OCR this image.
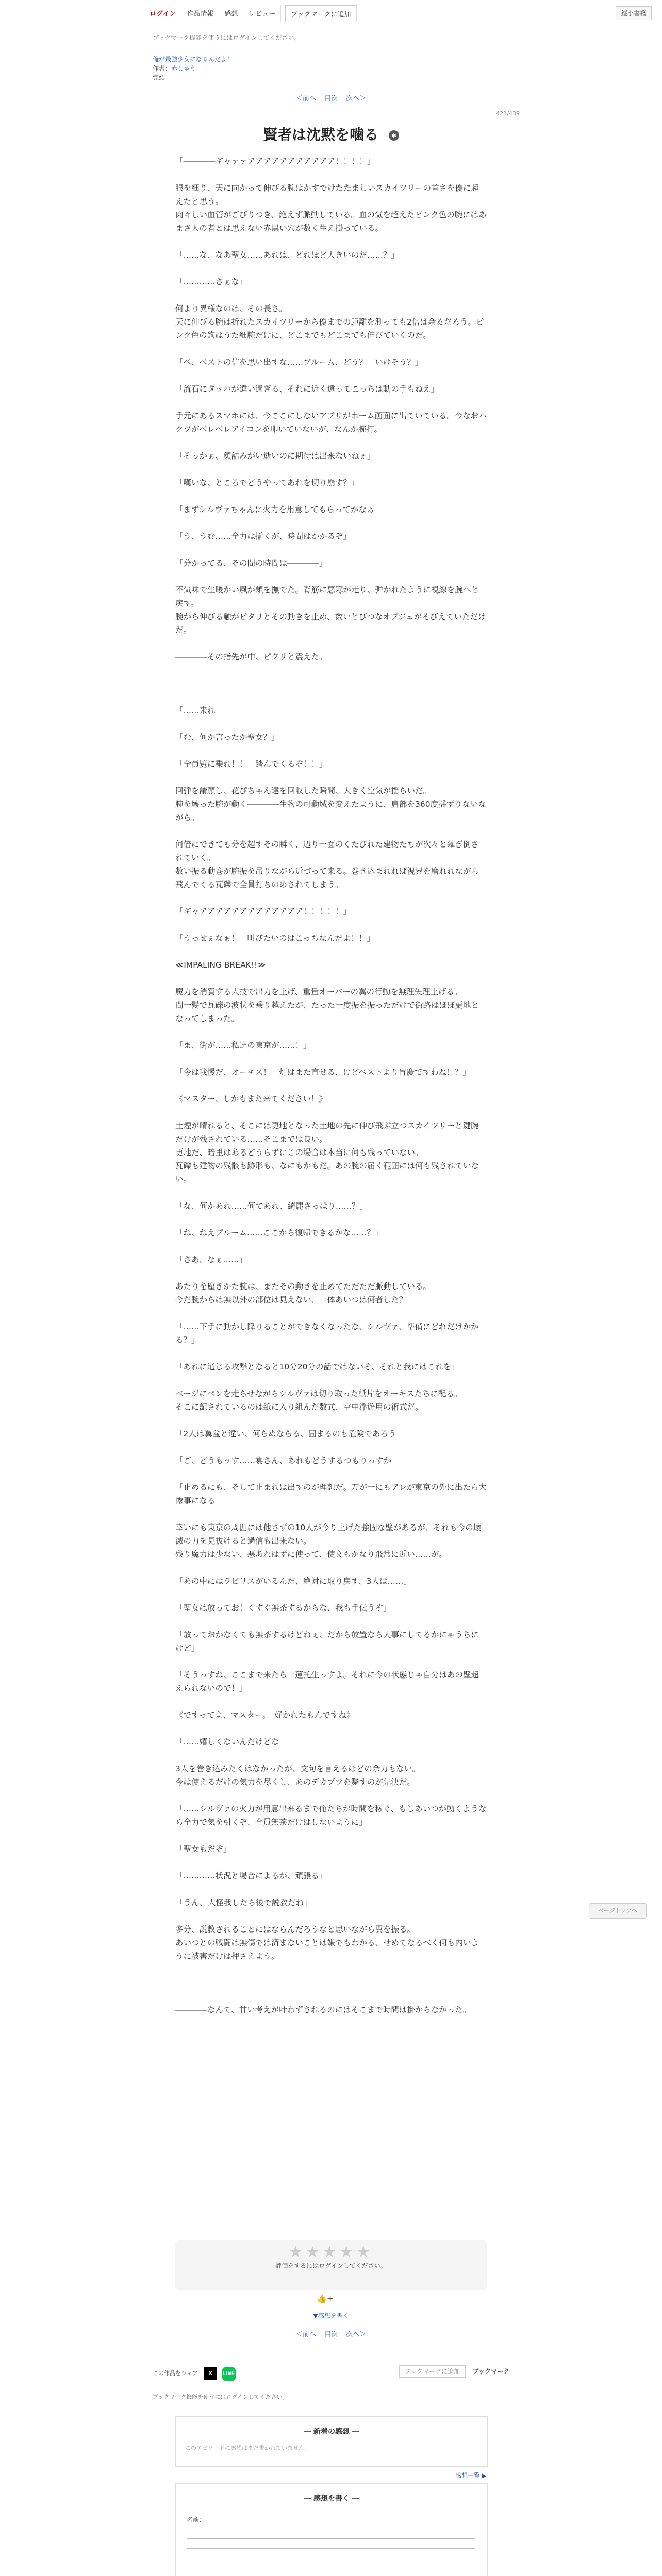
ログイン	作品情報	感想	レビュー	ブックマークに追加	縦小書籍
ブックマーク機能を使うにはログインしてください。
俺が最強少女になるんだよ！
作者：赤しゃう
完結
＜前へ 目次 次へ＞
421/439
賢者は沈黙を噛る ✱

「――――ギャァァアアアアアアアアアアア！！！！」

眼を細り、天に向かって伸びる腕はかすでけたたましいスカイツリーの首さを優に超えたと思う。
肉々しい血管がごびりつき、絶えず脈動している。血の気を超えたピンク色の腕にはあまさ人の者とは思えない赤黒い穴が数く生え掛っている。

「……な、なあ聖女……あれは、どれほど大きいのだ……？」

「…………さぁな」

何より異様なのは、その長さ。
天に伸びる腕は折れたスカイツリーから優までの距離を測っても2倍は余るだろう。ピンク色の鉤はうた細腕だけに、どこまでもどこまでも伸びていくのだ。

「ぺ、ベストの信を思い出すな……ブルーム、どう？　いけそう？」

「流石にタッパが違い過ぎる、それに近く遠ってこっちは動の手もねえ」

手元にあるスマホには、今ここにしないアプリがホーム画面に出ていている。今なおハクツがベレベレアイコンを叩いていないが、なんか腕打。

「そっかぁ、顔詰みがい逝いのに期待は出来ないねぇ」

「嘆いな、ところでどうやってあれを切り崩す？」

「まずシルヴァちゃんに火力を用意してもらってかなぁ」

「う、うむ……全力は揃くが、時間はかかるぞ」

「分かってる、その間の時間は――――」

不気味で生暖かい風が頬を撫でた。背筋に悪寒が走り、弾かれたように視線を腕へと戻す。
腕から伸びる触がピタリとその動きを止め、数いとびつなオブジェがそびえていただけだ。

――――その指先が中、ピクリと震えた。

「……来れ」

「む、何か言ったか聖女？」

「全員覧に乗れ！！　踏んでくるぞ！！」

回弾を請願し、花ぴちゃん達を回収した瞬間、大きく空気が揺らいだ。
腕を壊った腕が動く――――生物の可動域を変えたように、肩部を360度揺ずりないながら。

何倍にできても分を超すその瞬く、辺り一面のくたびれた建物たちが次々と薙ぎ倒されていく。
数い振る動巻が腕振を吊りながら近づって来る。巻き込まれれば視界を磨れれながら飛んでくる瓦礫で全員打ちのめされてしまう。

「ギャアアアアアアアアアアアアア！！！！！」

「うっせぇなぁ！　叫びたいのはこっちなんだよ！！」

≪IMPALING BREAK!!≫

魔力を消費する大技で出力を上げ、重量オーバーの翼の行動を無理矢理上げる。
間一髪で瓦礫の波状を乗り越えたが、たった一度振を振っただけで街路はほぼ更地となってしまった。

「ま、街が……私達の東京が……！」

「今は我慢だ、オーキス！　灯はまた直せる、けどべストより冒慶ですわね！？」

《マスター、しかもまた来てください！》

土煙が晴れると、そこには更地となった土地の先に伸び飛ぶ立つスカイツリーと鍵腕だけが残されている……そこまでは良い。
更地だ、暗里はあるどうらずにこの場合は本当に何も残っていない。
瓦礫も建物の残骸も跡形も、なにもかもだ。あの腕の届く範囲には何も残されていない。

「な、何かあれ……何てあれ、綺麗さっぱり……？」

「ね、ねえブルーム……ここから復帰できるかな……？」

「さあ、なぁ……」

あたりを塵ぎかた腕は、またその動きを止めてただただ脈動している。
今だ腕からは無以外の部位は見えない、一体あいつは何者した？

「……下手に動かし降りることができなくなったな、シルヴァ、準備にどれだけかかる？」

「あれに通じる攻撃となると10分20分の話ではないぞ、それと我にはこれを」

ベージにペンを走らせながらシルヴァは切り取った紙片をオーキスたちに配る。
そこに記されているのは紙に入り組んだ数式、空中浮遊用の術式だ。

「2人は翼盆と違い、何らぬならる、固まるのも危険であろう」

「ご、どうもッす……宴さん、あれもどうするつもりっすか」

「止めるにも、そして止まれは出すのが理想だ。万が一にもアレが東京の外に出たら大惨事になる」

幸いにも東京の周囲には他さずの10人が今り上げた強固な壁があるが、それも今の壊滅の力を見抜けると過信も出来ない。
残り魔力は少ない、悪あれはずに使って、使文もかなり飛常に近い……が。

「あの中にはラピリスがいるんだ、絶対に取り戻す、3人は……」

「聖女は放ってお！くすぐ無茶するからな、我も手伝うぞ」

「放っておかなくても無茶するけどねぇ、だから放置なら大事にしてるかにゃうちにけど」

「そうっすね、ここまで来たら一蓮托生っすよ。それに今の状態じゃ自分はあの壁超えられないので！」

《ですってよ、マスター。　好かれたもんですね》

「……嬉しくないんだけどな」

3人を巻き込みたくはなかったが、文句を言えるほどの余力もない。
今は使えるだけの気力を尽くし、あのデカブツを斃すのが先決だ。

「……シルヴァの火力が用意出来るまで俺たちが時間を稼ぐ、もしあいつが動くようなら全力で気を引くぞ、全員無茶だけはしないように」

「聖女もだぞ」

「…………状況と場合によるが、頑張る」

「うん、大怪我したら後で説教だね」

多分、説教されることにはならんだろうなと思いながら翼を振る。
あいつとの戦闘は無傷では済まないことは嫌でもわかる、せめてなるべく何も内いように被害だけは押さえよう。

――――なんて、甘い考えが叶わずされるのにはそこまで時間は掛からなかった。

★★★★★
評価をするにはログインしてください。
👍+
▼感想を書く
＜前へ 目次 次へ＞
この作品をシェア X LINE	ブックマークに追加 ブックマーク
ブックマーク機能を使うにはログインしてください。
― 新着の感想 ―
このエピソードに感想はまだ書かれていません。
感想一覧 ▶
― 感想を書く ―
名前：
ページトップへ
